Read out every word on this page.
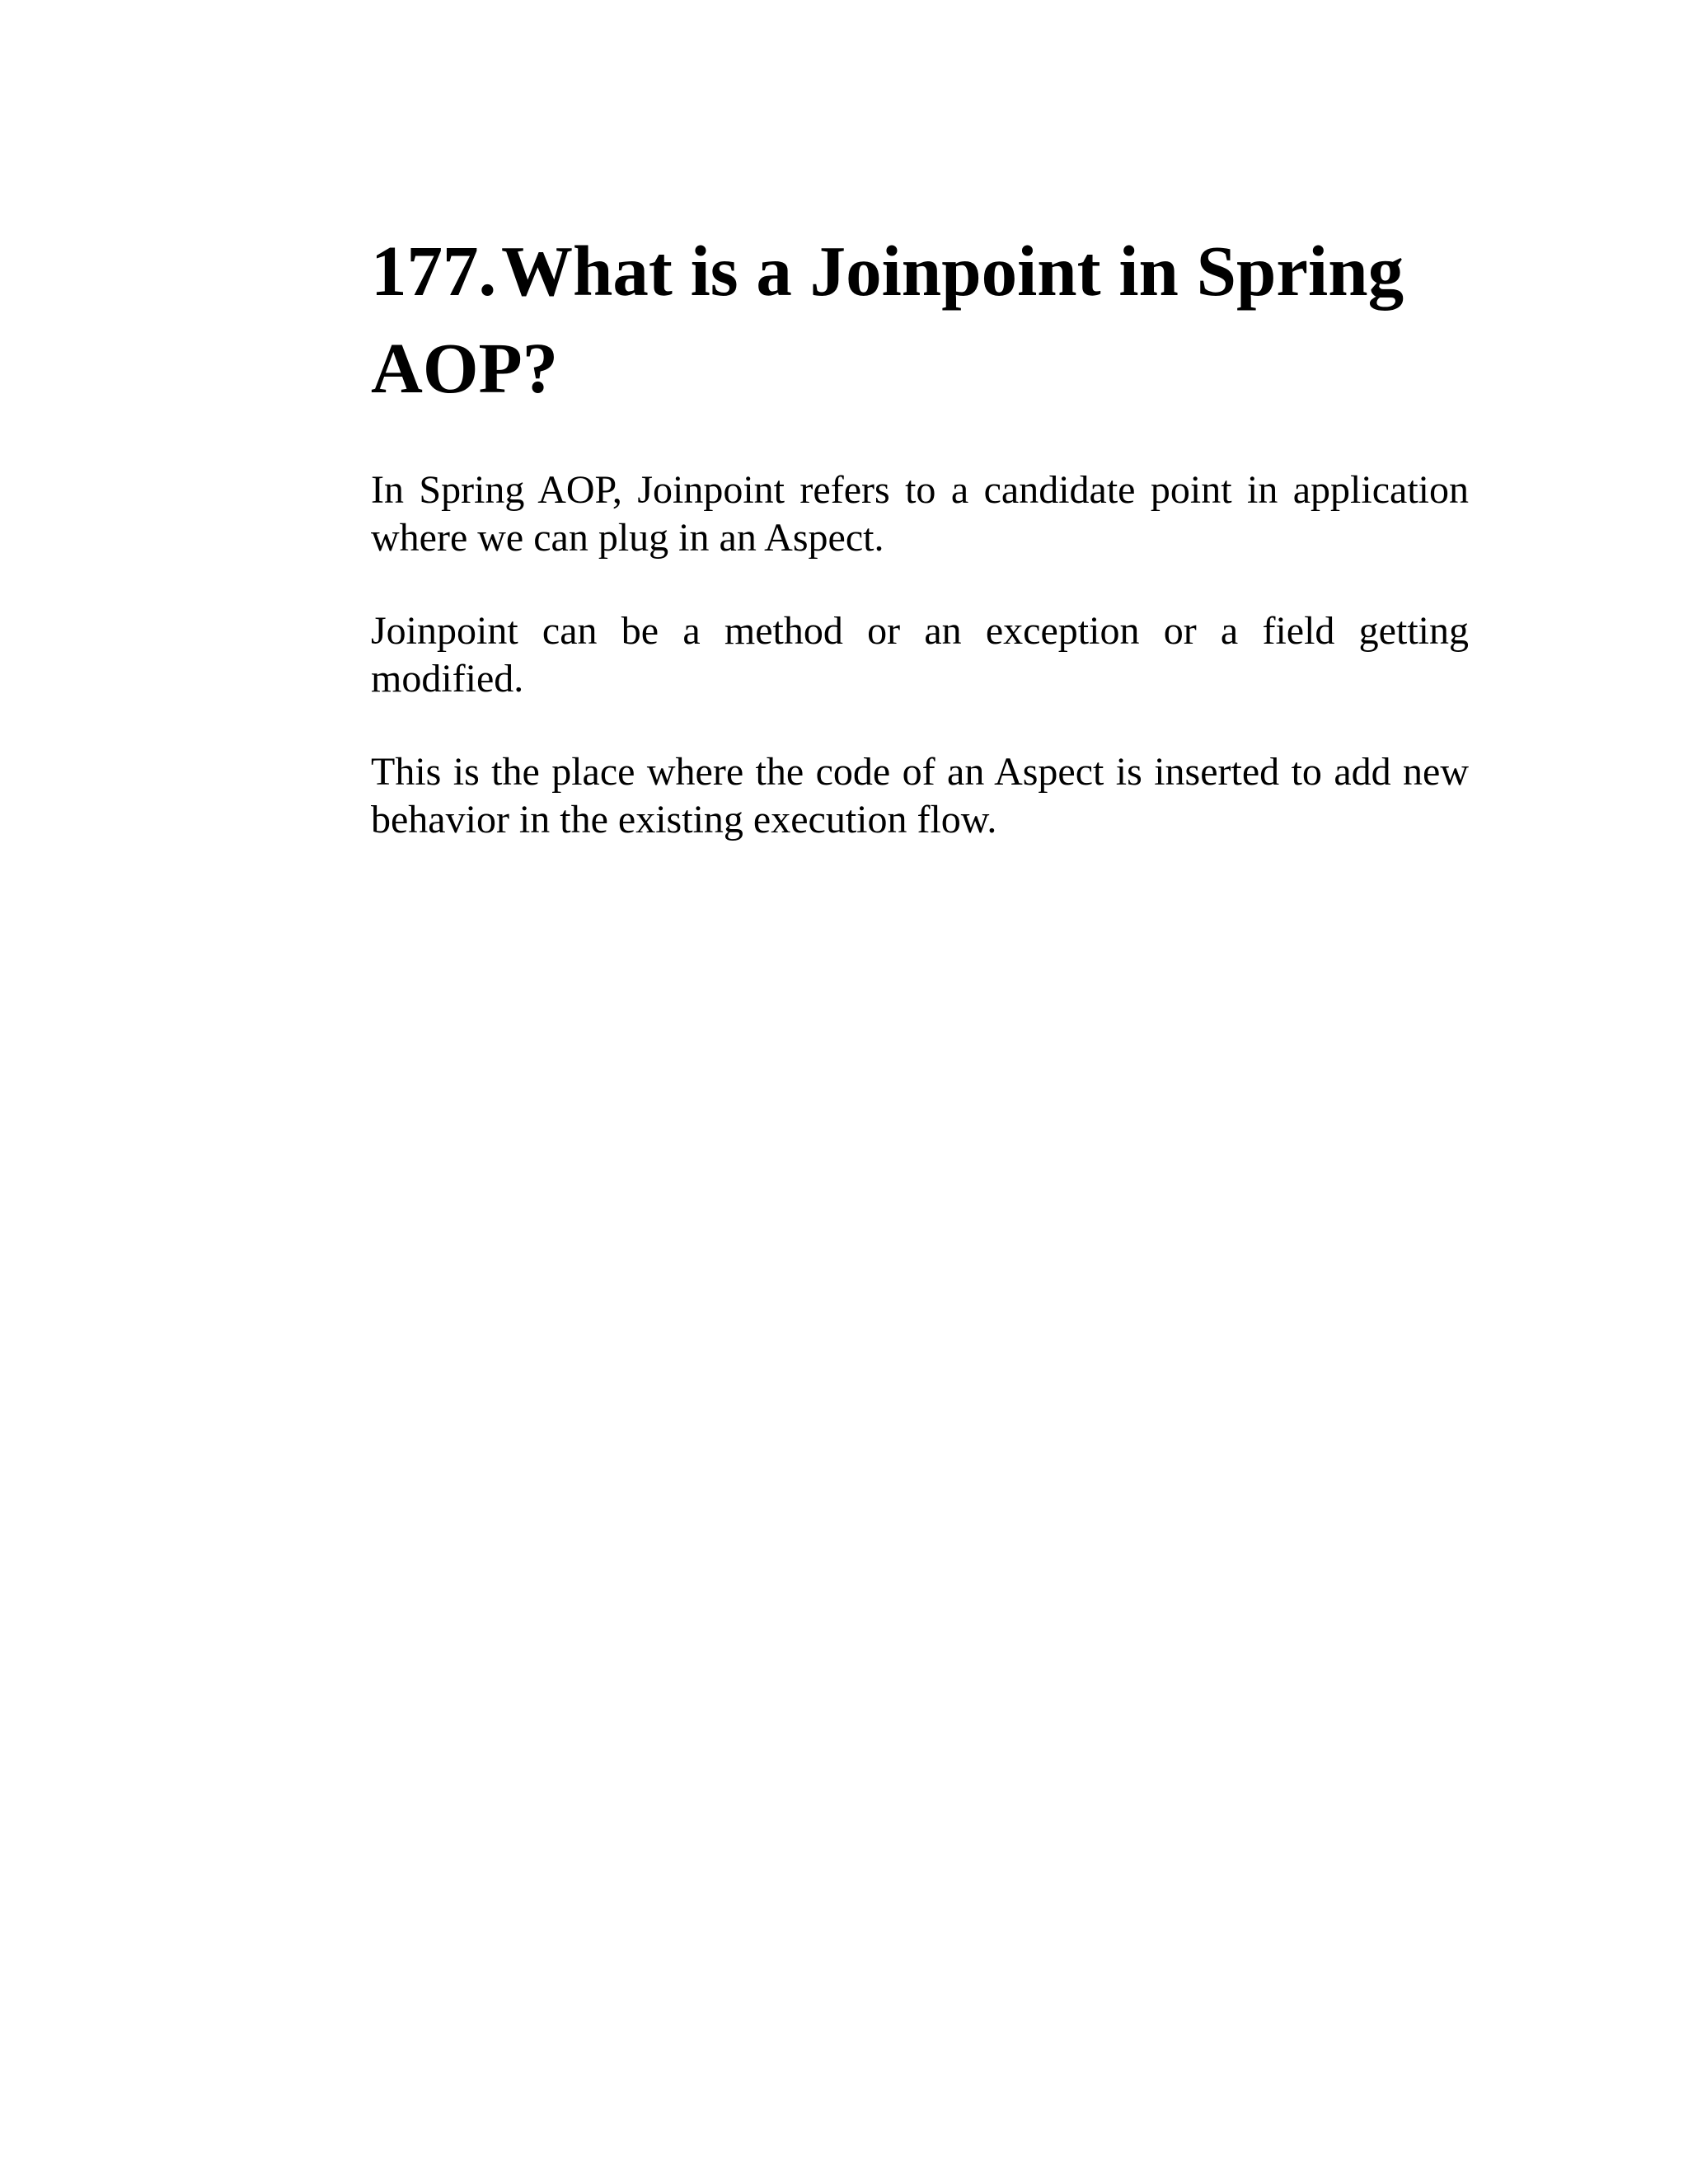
177.What is a Joinpoint in Spring AOP?

In Spring AOP, Joinpoint refers to a candidate point in application where we can plug in an Aspect.

Joinpoint can be a method or an exception or a field getting modified.

This is the place where the code of an Aspect is inserted to add new behavior in the existing execution flow.
